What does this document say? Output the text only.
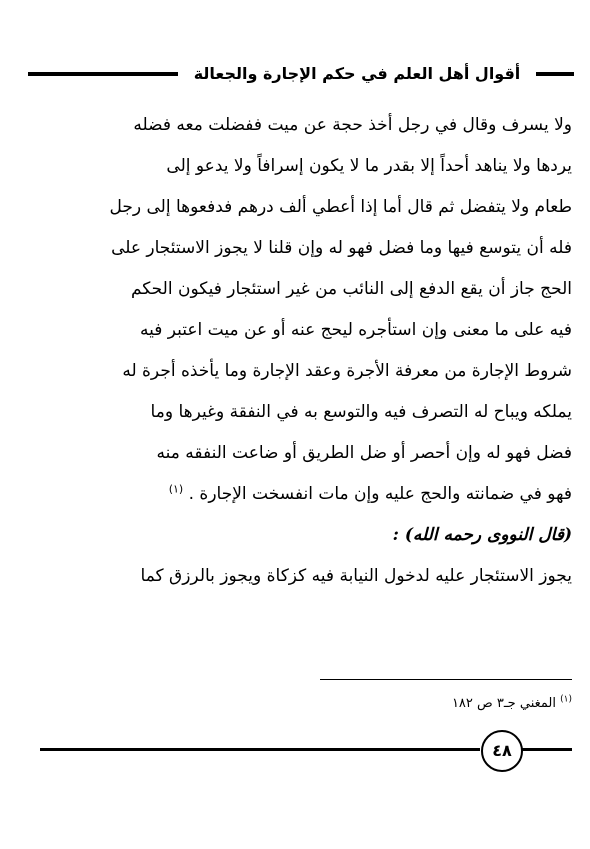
أقوال أهل العلم في حكم الإجارة والجعالة
ولا يسرف وقال في رجل أخذ حجة عن ميت ففضلت معه فضله
يردها ولا يناهد أحداً إلا بقدر ما لا يكون إسرافاً ولا يدعو إلى
طعام ولا يتفضل ثم قال أما إذا أعطي ألف درهم فدفعوها إلى رجل
فله أن يتوسع فيها وما فضل فهو له وإن قلنا لا يجوز الاستئجار على
الحج جاز أن يقع الدفع إلى النائب من غير استئجار فيكون الحكم
فيه على ما معنى وإن استأجره ليحج عنه أو عن ميت اعتبر فيه
شروط الإجارة من معرفة الأجرة وعقد الإجارة وما يأخذه أجرة له
يملكه ويباح له التصرف فيه والتوسع به في النفقة وغيرها وما
فضل فهو له وإن أحصر أو ضل الطريق أو ضاعت النفقه منه
فهو في ضمانته والحج عليه وإن مات انفسخت الإجارة . $^{(١)}$
(قال النووى رحمه الله) :
يجوز الاستئجار عليه لدخول النيابة فيه كزكاة ويجوز بالرزق كما
$^{(١)}$ المغني جـ٣ ص ١٨٢
٤٨
